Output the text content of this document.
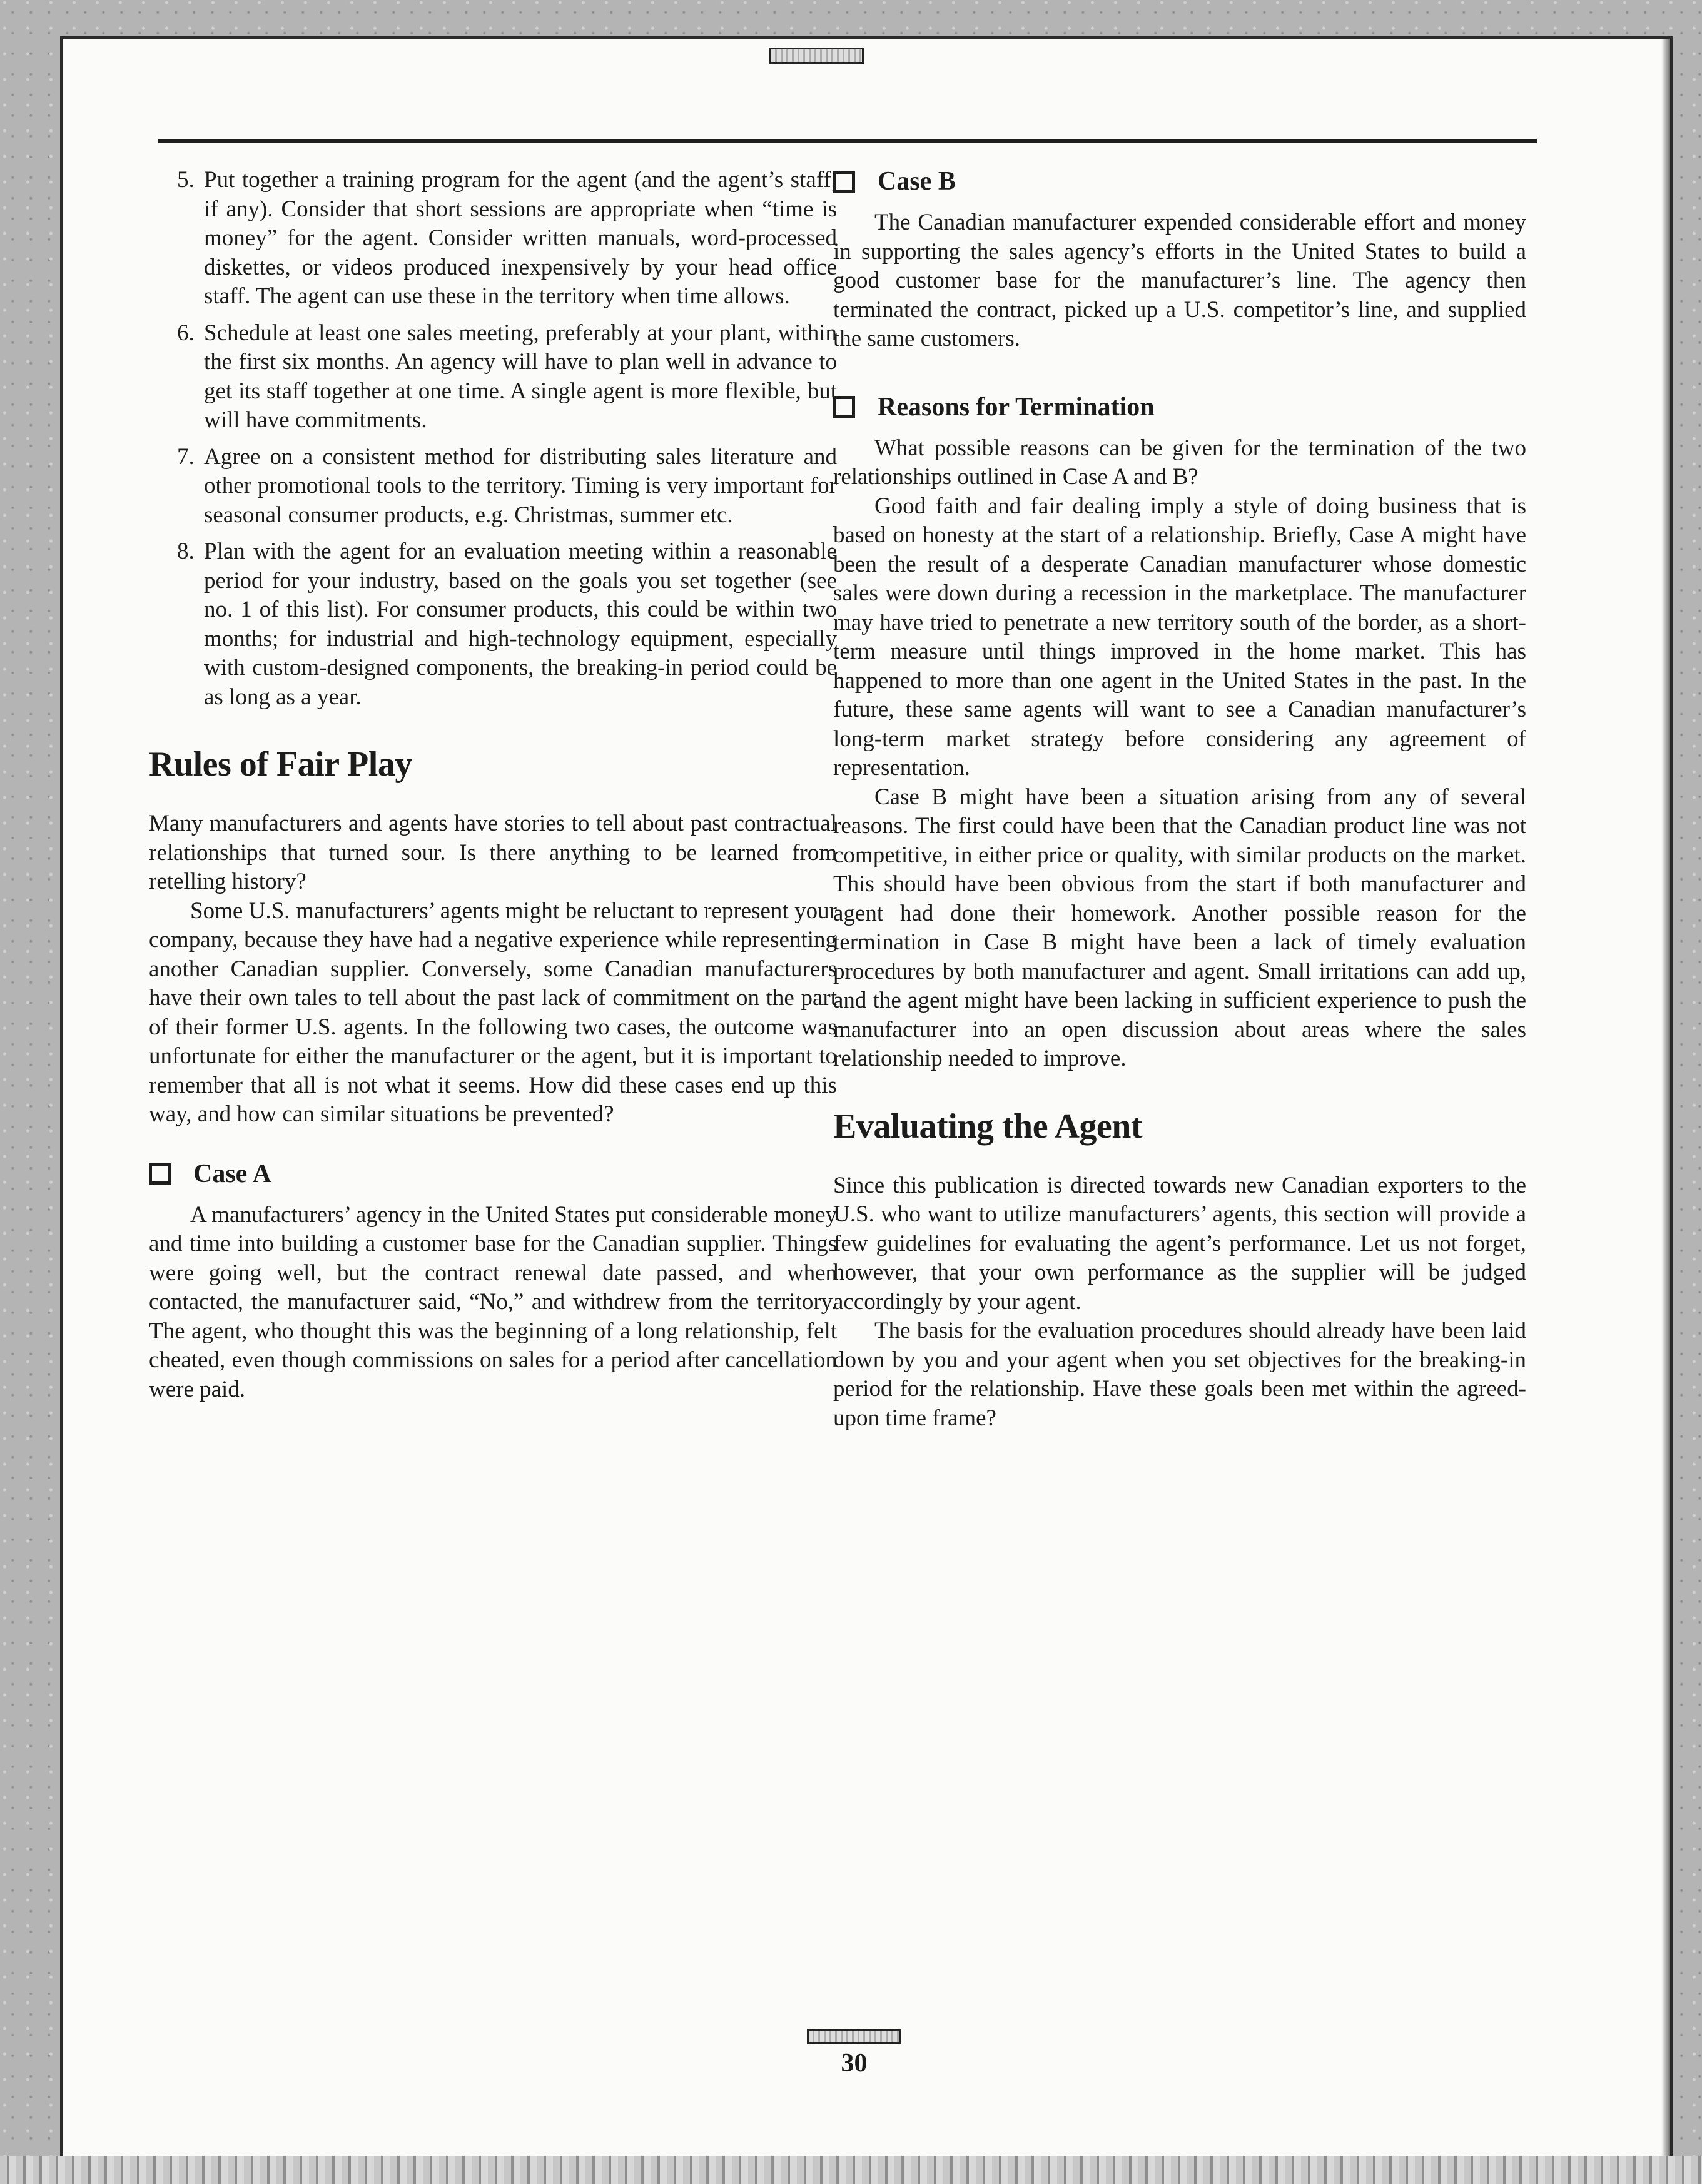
5. Put together a training program for the agent (and the agent’s staff, if any). Consider that short sessions are appropriate when “time is money” for the agent. Consider written manuals, word-processed diskettes, or videos produced inexpensively by your head office staff. The agent can use these in the territory when time allows.
6. Schedule at least one sales meeting, preferably at your plant, within the first six months. An agency will have to plan well in advance to get its staff together at one time. A single agent is more flexible, but will have commitments.
7. Agree on a consistent method for distributing sales literature and other promotional tools to the territory. Timing is very important for seasonal consumer products, e.g. Christmas, summer etc.
8. Plan with the agent for an evaluation meeting within a reasonable period for your industry, based on the goals you set together (see no. 1 of this list). For consumer products, this could be within two months; for industrial and high-technology equipment, especially with custom-designed components, the breaking-in period could be as long as a year.
Rules of Fair Play

Many manufacturers and agents have stories to tell about past contractual relationships that turned sour. Is there anything to be learned from retelling history?

Some U.S. manufacturers’ agents might be reluctant to represent your company, because they have had a negative experience while representing another Canadian supplier. Conversely, some Canadian manufacturers have their own tales to tell about the past lack of commitment on the part of their former U.S. agents. In the following two cases, the outcome was unfortunate for either the manufacturer or the agent, but it is important to remember that all is not what it seems. How did these cases end up this way, and how can similar situations be prevented?

Case A

A manufacturers’ agency in the United States put considerable money and time into building a customer base for the Canadian supplier. Things were going well, but the contract renewal date passed, and when contacted, the manufacturer said, “No,” and withdrew from the territory. The agent, who thought this was the beginning of a long relationship, felt cheated, even though commissions on sales for a period after cancellation were paid.

Case B

The Canadian manufacturer expended considerable effort and money in supporting the sales agency’s efforts in the United States to build a good customer base for the manufacturer’s line. The agency then terminated the contract, picked up a U.S. competitor’s line, and supplied the same customers.

Reasons for Termination

What possible reasons can be given for the termination of the two relationships outlined in Case A and B?

Good faith and fair dealing imply a style of doing business that is based on honesty at the start of a relationship. Briefly, Case A might have been the result of a desperate Canadian manufacturer whose domestic sales were down during a recession in the marketplace. The manufacturer may have tried to penetrate a new territory south of the border, as a short-term measure until things improved in the home market. This has happened to more than one agent in the United States in the past. In the future, these same agents will want to see a Canadian manufacturer’s long-term market strategy before considering any agreement of representation.

Case B might have been a situation arising from any of several reasons. The first could have been that the Canadian product line was not competitive, in either price or quality, with similar products on the market. This should have been obvious from the start if both manufacturer and agent had done their homework. Another possible reason for the termination in Case B might have been a lack of timely evaluation procedures by both manufacturer and agent. Small irritations can add up, and the agent might have been lacking in sufficient experience to push the manufacturer into an open discussion about areas where the sales relationship needed to improve.

Evaluating the Agent

Since this publication is directed towards new Canadian exporters to the U.S. who want to utilize manufacturers’ agents, this section will provide a few guidelines for evaluating the agent’s performance. Let us not forget, however, that your own performance as the supplier will be judged accordingly by your agent.

The basis for the evaluation procedures should already have been laid down by you and your agent when you set objectives for the breaking-in period for the relationship. Have these goals been met within the agreed-upon time frame?

30
